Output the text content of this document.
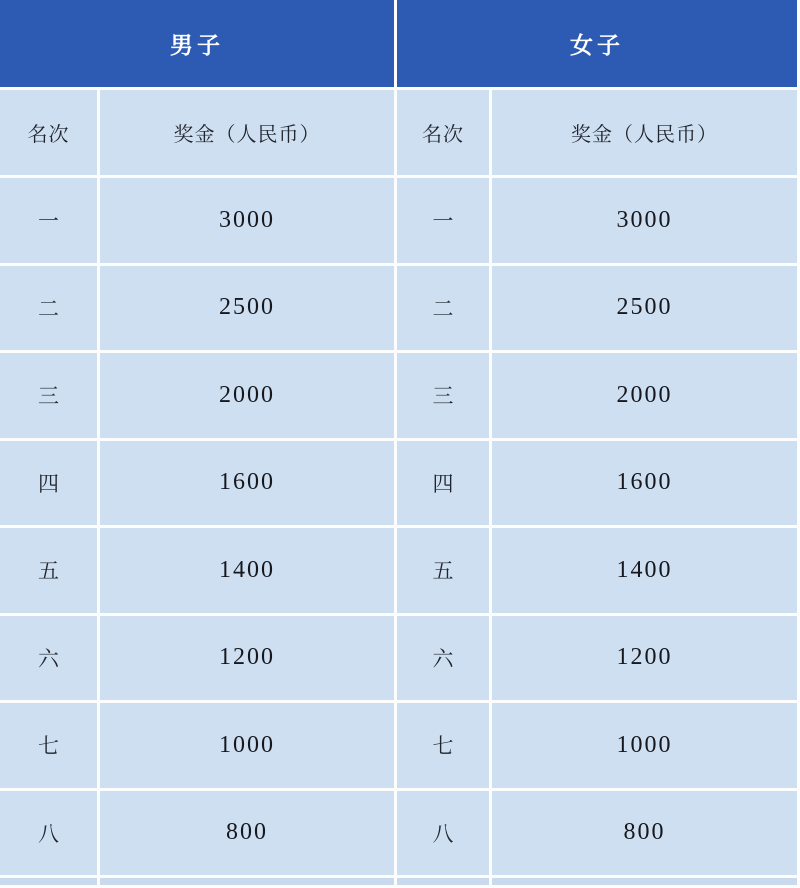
男子
名次	奖金（人民币）
一	3000
二	2500
三	2000
四	1600
五	1400
六	1200
七	1000
八	800
女子
名次	奖金（人民币）
一	3000
二	2500
三	2000
四	1600
五	1400
六	1200
七	1000
八	800
